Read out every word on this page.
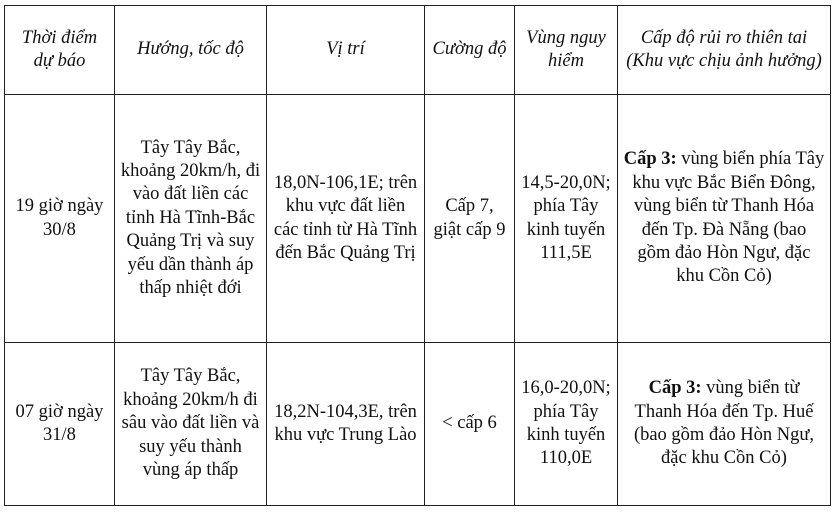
Thời điểm dự báo	Hướng, tốc độ	Vị trí	Cường độ	Vùng nguy hiểm	Cấp độ rủi ro thiên tai (Khu vực chịu ảnh hưởng)
19 giờ ngày 30/8	Tây Tây Bắc, khoảng 20km/h, đi vào đất liền các tỉnh Hà Tĩnh-Bắc Quảng Trị và suy yếu dần thành áp thấp nhiệt đới	18,0N-106,1E; trên khu vực đất liền các tỉnh từ Hà Tĩnh đến Bắc Quảng Trị	Cấp 7, giật cấp 9	14,5-20,0N; phía Tây kinh tuyến 111,5E	Cấp 3: vùng biển phía Tây khu vực Bắc Biển Đông, vùng biển từ Thanh Hóa đến Tp. Đà Nẵng (bao gồm đảo Hòn Ngư, đặc khu Cồn Cỏ)
07 giờ ngày 31/8	Tây Tây Bắc, khoảng 20km/h đi sâu vào đất liền và suy yếu thành vùng áp thấp	18,2N-104,3E, trên khu vực Trung Lào	< cấp 6	16,0-20,0N; phía Tây kinh tuyến 110,0E	Cấp 3: vùng biển từ Thanh Hóa đến Tp. Huế (bao gồm đảo Hòn Ngư, đặc khu Cồn Cỏ)
